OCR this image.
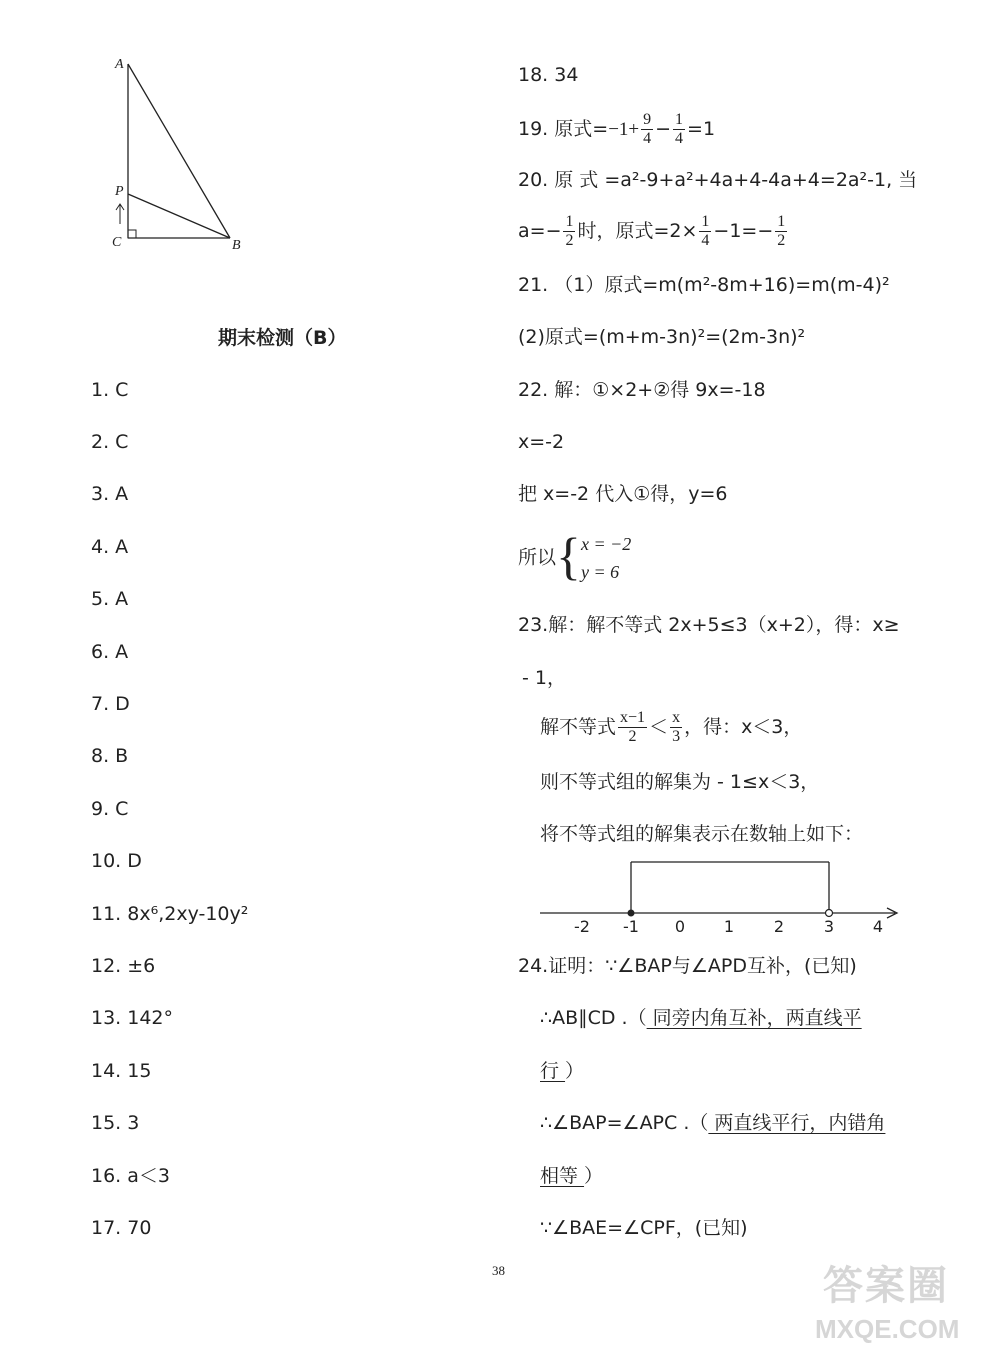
A
P
C	B
期末检测（B）
1. C
2. C
3. A
4. A
5. A
6. A
7. D
8. B
9. C
10. D
11. 8x⁶,2xy-10y²
12. ±6
13. 142°
14. 15
15. 3
16. a＜3
17. 70
18. 34
19. 原式$=-1+ \frac{9}{4} - \frac{1}{4} =1$
20. 原 式 =a²-9+a²+4a+4-4a+4=2a²-1, 当
$a=- \frac{1}{2}$ 时，原式$=2\times \frac{1}{4} -1=- \frac{1}{2}$
21. （1）原式=m(m²-8m+16)=m(m-4)²
(2)原式=(m+m-3n)²=(2m-3n)²
22. 解：①×2+②得 9x=-18
x=-2
把 x=-2 代入①得，y=6
所以{ x = −2
y = 6
23.解：解不等式 2x+5≤3（x+2），得：x≥
- 1，
解不等式 $\frac{x-1}{2} < \frac{x}{3}$ ，得：x＜3，
则不等式组的解集为 - 1≤x＜3，
将不等式组的解集表示在数轴上如下：
-2 -1 0 1 2 3 4
24.证明：∵∠BAP与∠APD互补，(已知)
∴AB∥CD .（ 同旁内角互补，两直线平
行 ）
∴∠BAP=∠APC .（ 两直线平行，内错角
相等 ）
∵∠BAE=∠CPF，(已知)
38	答案圈
MXQE.COM
